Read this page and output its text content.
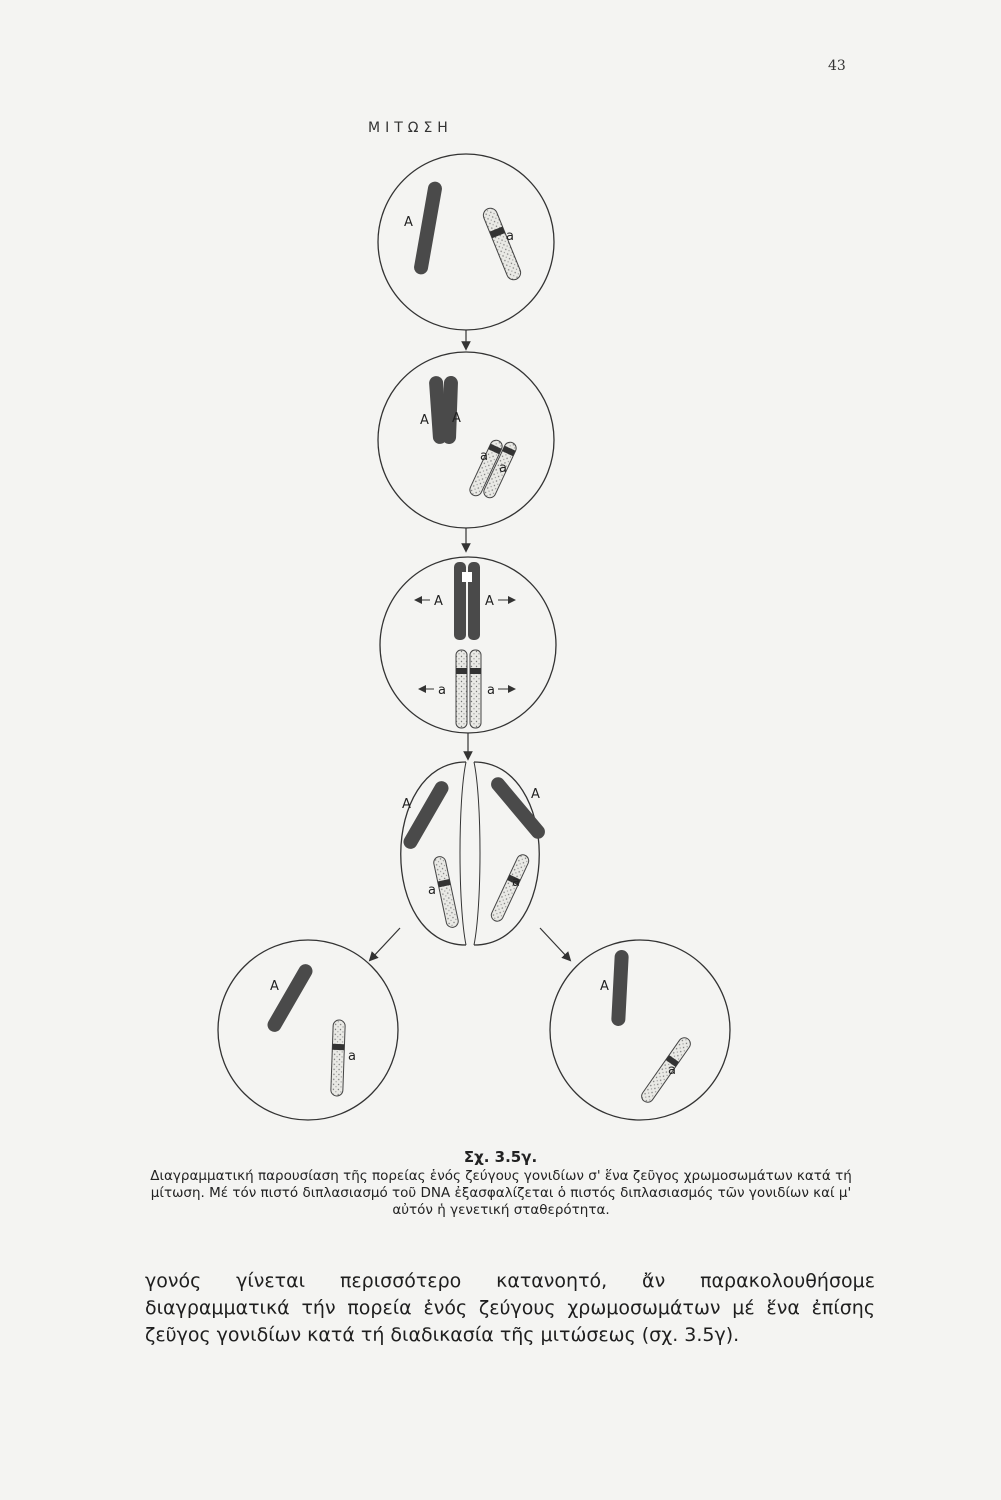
43
ΜΙΤΩΣΗ
A
a
A A
a
a
A	A
a	a
A
A
a
a
A
a
A
a
Σχ. 3.5γ.
Διαγραμματική παρουσίαση τῆς πορείας ἑνός ζεύγους γονιδίων σ' ἕνα ζεῦγος χρωμοσωμάτων κατά τή μίτωση. Μέ τόν πιστό διπλασιασμό τοῦ DNA ἐξασφαλίζεται ὁ πιστός διπλασιασμός τῶν γονιδίων καί μ' αὐτόν ἡ γενετική σταθερότητα.
γονός γίνεται περισσότερο κατανοητό, ἄν παρακολουθήσομε διαγραμματικά τήν πορεία ἑνός ζεύγους χρωμοσωμάτων μέ ἕνα ἐπίσης ζεῦγος γονιδίων κατά τή διαδικασία τῆς μιτώσεως (σχ. 3.5γ).
